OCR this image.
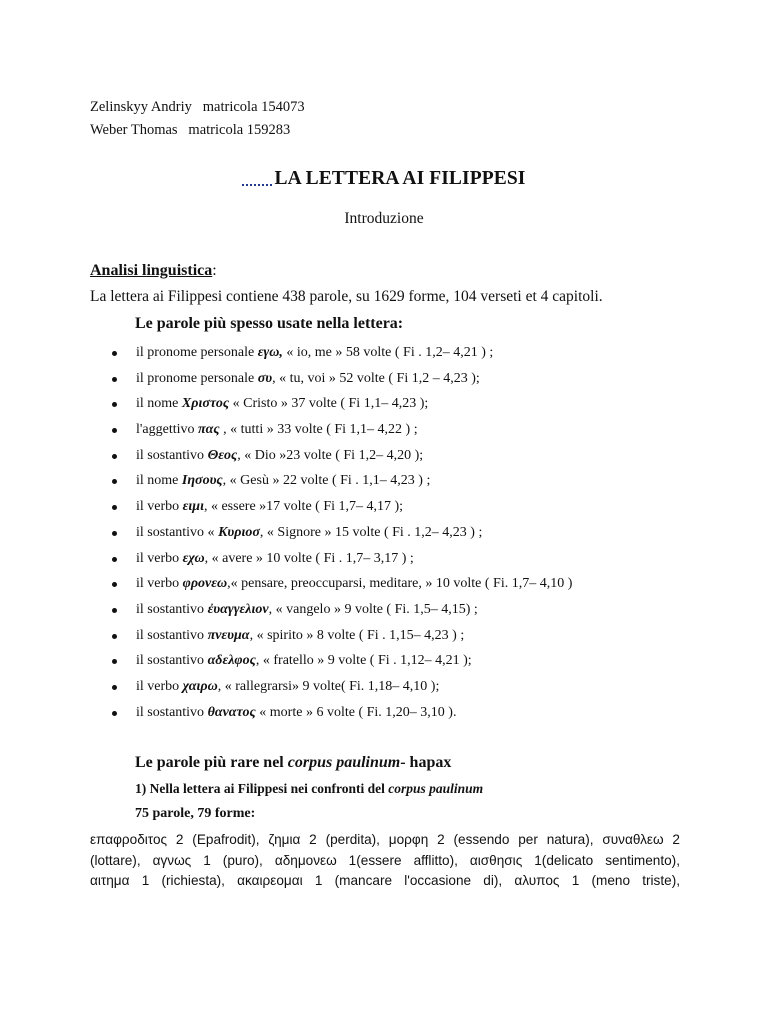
Zelinskyy Andriy   matricola 154073
Weber Thomas   matricola 159283
LA LETTERA AI FILIPPESI
Introduzione
Analisi linguistica:
La lettera ai Filippesi contiene 438 parole, su 1629 forme, 104 verseti et 4 capitoli.
Le parole più spesso usate nella lettera:
il pronome personale εγω, « io, me » 58 volte ( Fi . 1,2– 4,21 ) ;
il pronome personale συ, « tu, voi » 52 volte ( Fi 1,2 – 4,23 );
il nome Χριστος « Cristo » 37 volte ( Fi 1,1– 4,23 );
l'aggettivo πας , « tutti » 33 volte ( Fi 1,1– 4,22 ) ;
il sostantivo Θεος, « Dio »23 volte ( Fi 1,2– 4,20 );
il nome Ιησους, « Gesù » 22 volte ( Fi . 1,1– 4,23 ) ;
il verbo ειμι, « essere »17 volte ( Fi 1,7– 4,17 );
il sostantivo « Κυριοσ, « Signore » 15 volte ( Fi . 1,2– 4,23 ) ;
il verbo εχω, « avere » 10 volte ( Fi . 1,7– 3,17 ) ;
il verbo φρονεω,« pensare, preoccuparsi, meditare, » 10 volte ( Fi. 1,7– 4,10 )
il sostantivo ἐυαγγελιον, « vangelo » 9 volte ( Fi. 1,5– 4,15) ;
il sostantivo πνευμα, « spirito » 8 volte ( Fi . 1,15– 4,23 ) ;
il sostantivo αδελφος, « fratello » 9 volte ( Fi . 1,12– 4,21 );
il verbo χαιρω, « rallegrarsi» 9 volte( Fi. 1,18– 4,10 );
il sostantivo θανατος « morte » 6 volte ( Fi. 1,20– 3,10 ).
Le parole più rare nel corpus paulinum- hapax
1) Nella lettera ai Filippesi nei confronti del corpus paulinum
75 parole, 79 forme:
επαφροδιτος 2 (Epafrodit), ζημια 2 (perdita), μορφη 2 (essendo per natura), συναθλεω 2
(lottare), αγνως 1 (puro), αδημονεω 1(essere afflitto), αισθησις 1(delicato sentimento),
αιτημα 1 (richiesta), ακαιρεομαι 1 (mancare l'occasione di), αλυπος 1 (meno triste),
